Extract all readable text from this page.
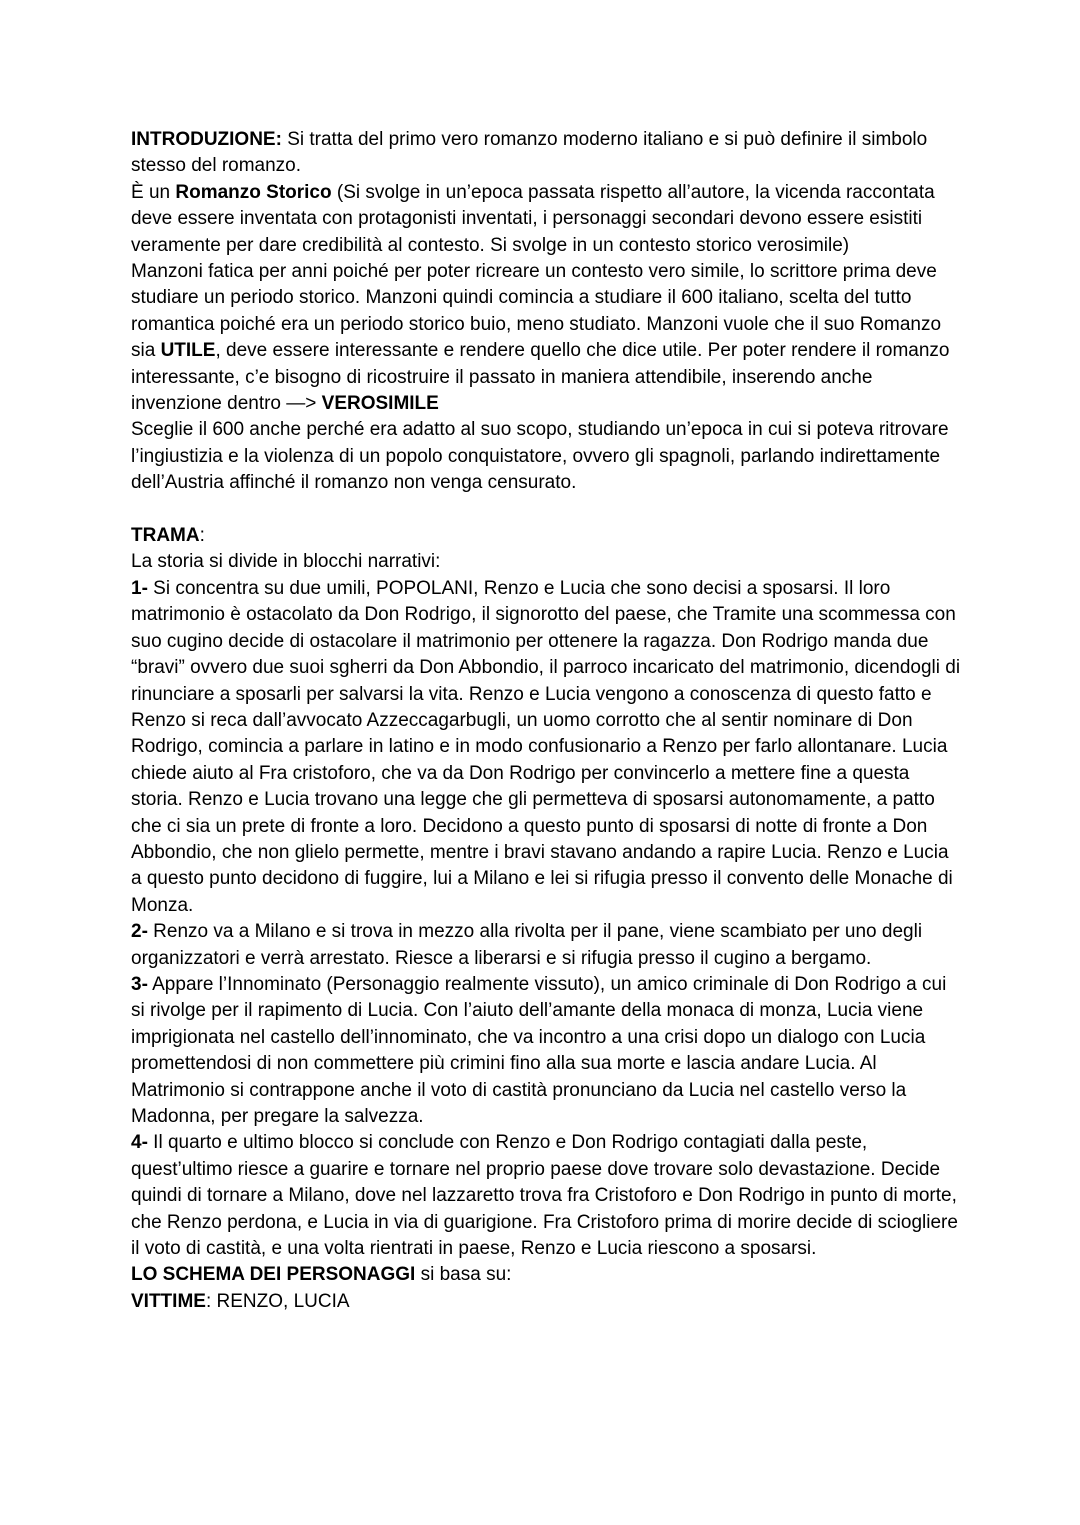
INTRODUZIONE: Si tratta del primo vero romanzo moderno italiano e si può definire il simbolo stesso del romanzo.

È un Romanzo Storico (Si svolge in un’epoca passata rispetto all’autore, la vicenda raccontata deve essere inventata con protagonisti inventati, i personaggi secondari devono essere esistiti veramente per dare credibilità al contesto. Si svolge in un contesto storico verosimile)

Manzoni fatica per anni poiché per poter ricreare un contesto vero simile, lo scrittore prima deve studiare un periodo storico. Manzoni quindi comincia a studiare il 600 italiano, scelta del tutto romantica poiché era un periodo storico buio, meno studiato. Manzoni vuole che il suo Romanzo sia UTILE, deve essere interessante e rendere quello che dice utile. Per poter rendere il romanzo interessante, c’e bisogno di ricostruire il passato in maniera attendibile, inserendo anche invenzione dentro —> VEROSIMILE

Sceglie il 600 anche perché era adatto al suo scopo, studiando un’epoca in cui si poteva ritrovare l’ingiustizia e la violenza di un popolo conquistatore, ovvero gli spagnoli, parlando indirettamente dell’Austria affinché il romanzo non venga censurato.

TRAMA:

La storia si divide in blocchi narrativi:

1- Si concentra su due umili, POPOLANI, Renzo e Lucia che sono decisi a sposarsi. Il loro matrimonio è ostacolato da Don Rodrigo, il signorotto del paese, che Tramite una scommessa con suo cugino decide di ostacolare il matrimonio per ottenere la ragazza. Don Rodrigo manda due “bravi” ovvero due suoi sgherri da Don Abbondio, il parroco incaricato del matrimonio, dicendogli di rinunciare a sposarli per salvarsi la vita. Renzo e Lucia vengono a conoscenza di questo fatto e Renzo si reca dall’avvocato Azzeccagarbugli, un uomo corrotto che al sentir nominare di Don Rodrigo, comincia a parlare in latino e in modo confusionario a Renzo per farlo allontanare. Lucia chiede aiuto al Fra cristoforo, che va da Don Rodrigo per convincerlo a mettere fine a questa storia. Renzo e Lucia trovano una legge che gli permetteva di sposarsi autonomamente, a patto che ci sia un prete di fronte a loro. Decidono a questo punto di sposarsi di notte di fronte a Don Abbondio, che non glielo permette, mentre i bravi stavano andando a rapire Lucia. Renzo e Lucia a questo punto decidono di fuggire, lui a Milano e lei si rifugia presso il convento delle Monache di Monza.

2- Renzo va a Milano e si trova in mezzo alla rivolta per il pane, viene scambiato per uno degli organizzatori e verrà arrestato. Riesce a liberarsi e si rifugia presso il cugino a bergamo.

3- Appare l’Innominato (Personaggio realmente vissuto), un amico criminale di Don Rodrigo a cui si rivolge per il rapimento di Lucia. Con l’aiuto dell’amante della monaca di monza, Lucia viene imprigionata nel castello dell’innominato, che va incontro a una crisi dopo un dialogo con Lucia promettendosi di non commettere più crimini fino alla sua morte e lascia andare Lucia. Al Matrimonio si contrappone anche il voto di castità pronunciano da Lucia nel castello verso la Madonna, per pregare la salvezza.

4- Il quarto e ultimo blocco si conclude con Renzo e Don Rodrigo contagiati dalla peste, quest’ultimo riesce a guarire e tornare nel proprio paese dove trovare solo devastazione. Decide quindi di tornare a Milano, dove nel lazzaretto trova fra Cristoforo e Don Rodrigo in punto di morte, che Renzo perdona, e Lucia in via di guarigione. Fra Cristoforo prima di morire decide di sciogliere il voto di castità, e una volta rientrati in paese, Renzo e Lucia riescono a sposarsi.

LO SCHEMA DEI PERSONAGGI si basa su:

VITTIME: RENZO, LUCIA
